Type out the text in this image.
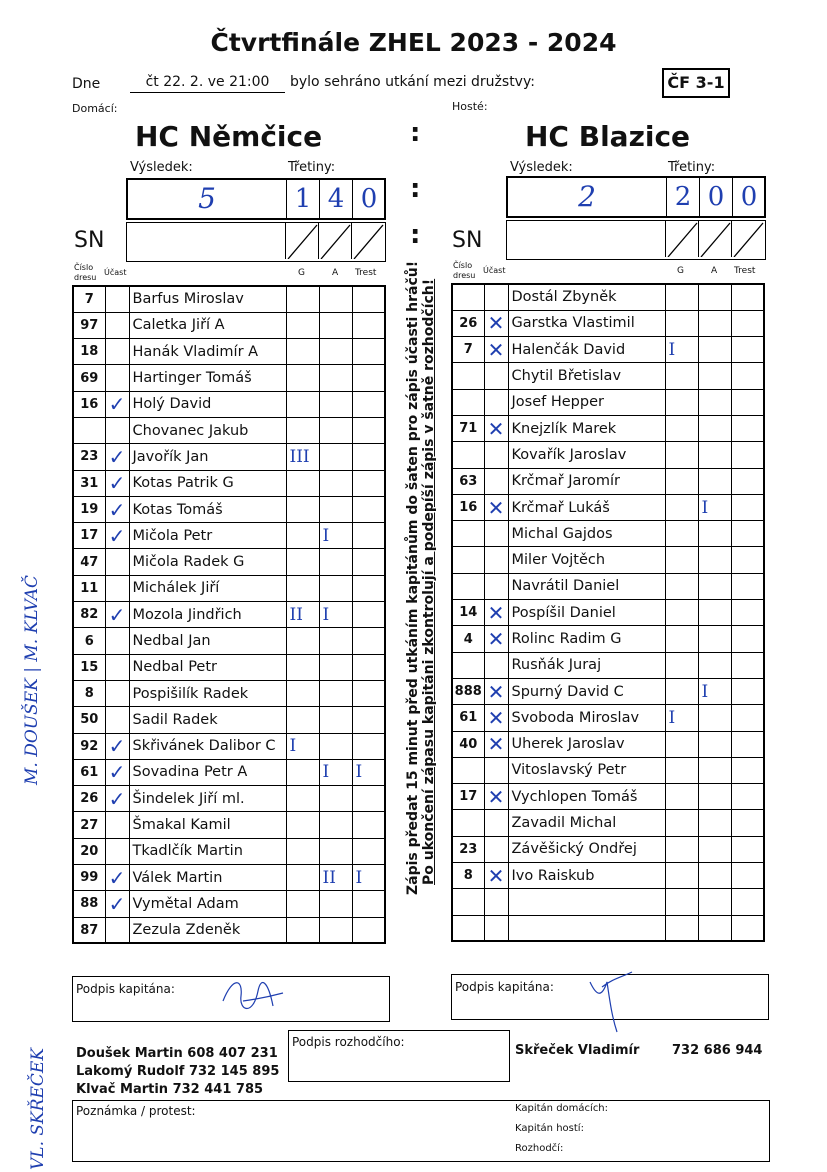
Čtvrtfinále ZHEL 2023 - 2024
Dne	čt 22. 2. ve 21:00	bylo sehráno utkání mezi družstvy:	ČF 3-1
Domácí:	Hosté:
HC Němčice	HC Blazice
:
:
:
Výsledek:	Třetiny:
5	1 4 0
Výsledek:	Třetiny:
2	2 0 0
SN	SN
Číslo dresu
Účast	G	A Trest
Číslo dresu
Účast	G	A Trest
7		Barfus Miroslav			
97		Caletka Jiří A			
18		Hanák Vladimír A			
69		Hartinger Tomáš			
16	✓	Holý David			
		Chovanec Jakub			
23	✓	Javořík Jan	III		
31	✓	Kotas Patrik G			
19	✓	Kotas Tomáš			
17	✓	Mičola Petr		I	
47		Mičola Radek G			
11		Michálek Jiří			
82	✓	Mozola Jindřich	II	I	
6		Nedbal Jan			
15		Nedbal Petr			
8		Pospišilík Radek			
50		Sadil Radek			
92	✓	Skřivánek Dalibor C	I		
61	✓	Sovadina Petr A		I	I
26	✓	Šindelek Jiří ml.			
27		Šmakal Kamil			
20		Tkadlčík Martin			
99	✓	Válek Martin		II	I
88	✓	Vymětal Adam			
87		Zezula Zdeněk			
		Dostál Zbyněk			
26	✕	Garstka Vlastimil			
7	✕	Halenčák David	I		
		Chytil Břetislav			
		Josef Hepper			
71	✕	Knejzlík Marek			
		Kovařík Jaroslav			
63		Krčmař Jaromír			
16	✕	Krčmař Lukáš		I	
		Michal Gajdos			
		Miler Vojtěch			
		Navrátil Daniel			
14	✕	Pospíšil Daniel			
4	✕	Rolinc Radim G			
		Rusňák Juraj			
888	✕	Spurný David C		I	
61	✕	Svoboda Miroslav	I		
40	✕	Uherek Jaroslav			
		Vitoslavský Petr			
17	✕	Vychlopen Tomáš			
		Zavadil Michal			
23		Závěšický Ondřej			
8	✕	Ivo Raiskub			

Zápis předat 15 minut před utkáním kapitánům do šaten pro zápis účasti hráčů! Po ukončení zápasu kapitáni zkontrolují a podepíší zápis v šatně rozhodčích!
M. DOUŠEK | M. KLVAČ
VL. SKŘEČEK
Podpis kapitána:	Podpis kapitána:
Doušek Martin 608 407 231
Lakomý Rudolf 732 145 895
Klvač Martin 732 441 785
Podpis rozhodčího:
Skřeček Vladimír	732 686 944
Poznámka / protest:	Kapitán domácích:
Kapitán hostí:
Rozhodčí:
